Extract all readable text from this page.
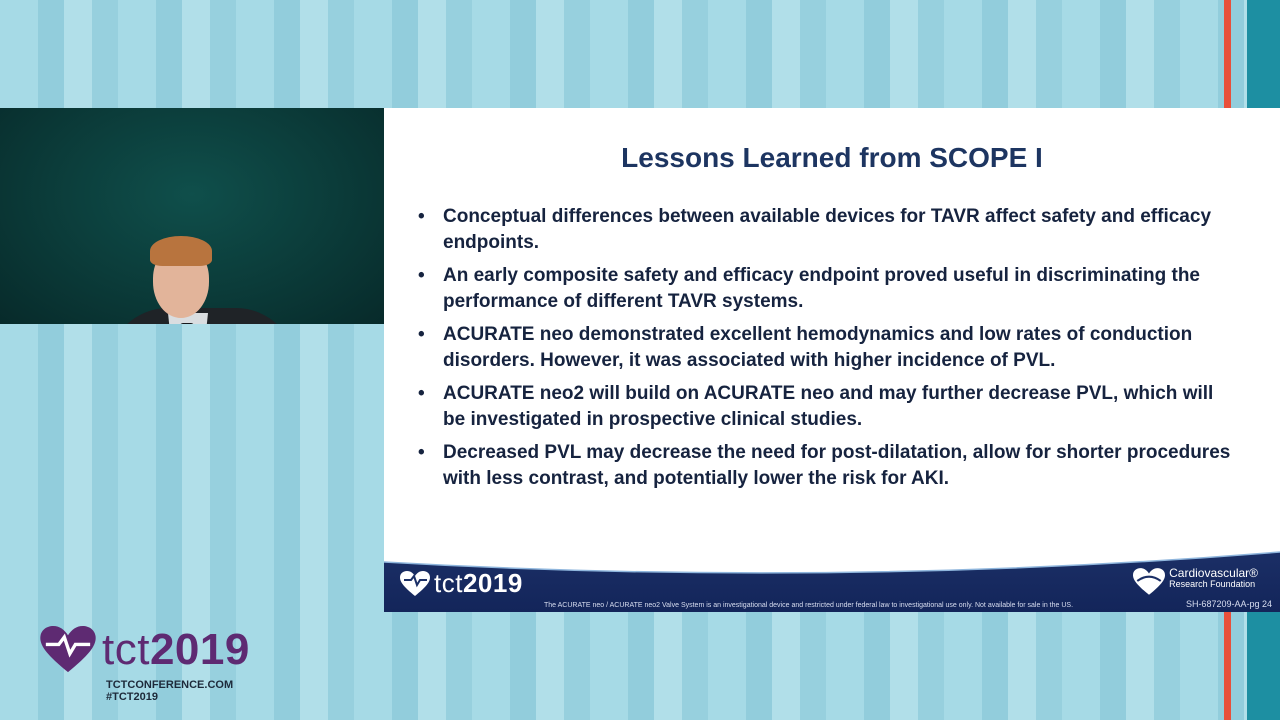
Lessons Learned from SCOPE I
• Conceptual differences between available devices for TAVR affect safety and efficacy endpoints.
• An early composite safety and efficacy endpoint proved useful in discriminating the performance of different TAVR systems.
• ACURATE neo demonstrated excellent hemodynamics and low rates of conduction disorders. However, it was associated with higher incidence of PVL.
• ACURATE neo2 will build on ACURATE neo and may further decrease PVL, which will be investigated in prospective clinical studies.
• Decreased PVL may decrease the need for post-dilatation, allow for shorter procedures with less contrast, and potentially lower the risk for AKI.
tct 2019
The ACURATE neo / ACURATE neo2 Valve System is an investigational device and restricted under federal law to investigational use only. Not available for sale in the US.
Cardiovascular®
Research Foundation
SH-687209-AA-pg 24
tct2019
TCTCONFERENCE.COM
#TCT2019
